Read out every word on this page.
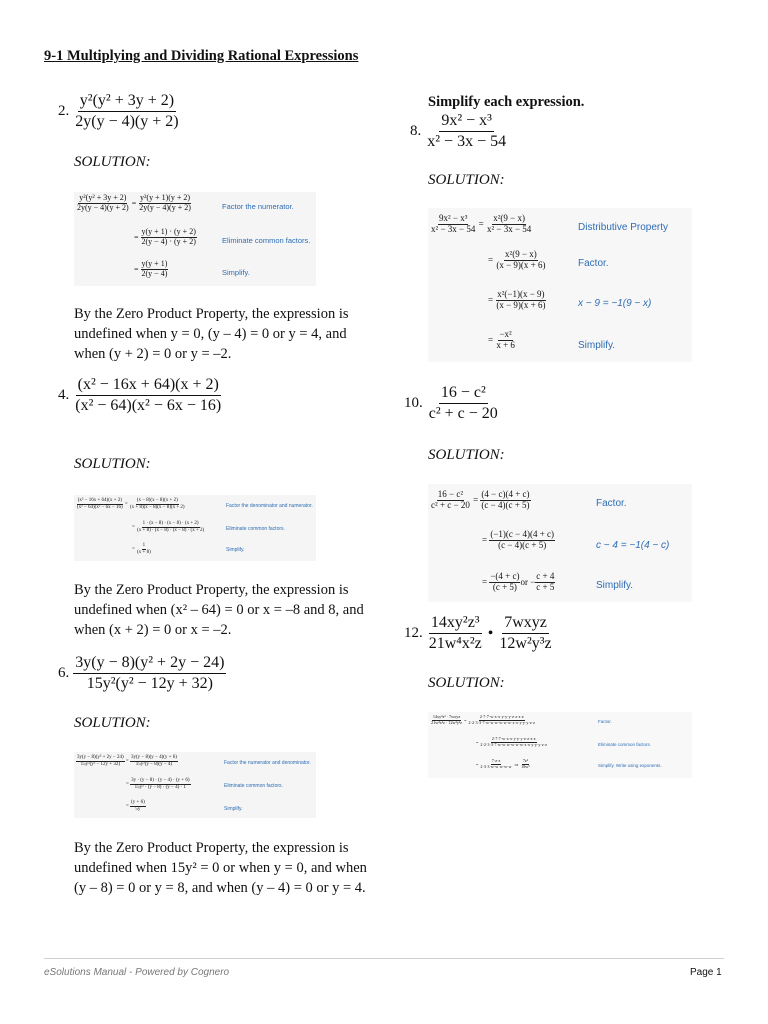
9-1 Multiplying and Dividing Rational Expressions
2. $\frac{\text{y²(y² + 3y + 2)}}{2y(y - 4)(y + 2)}$
SOLUTION:
$\frac{\text{y²(y² + 3y + 2)}}{2y(y - 4)(y + 2)} = \frac{\text{y²(y + 1)(y + 2)}}{2y(y - 4)(y + 2)}$
= $\frac{y(y + 1) \cdot (y + 2)}{2(y - 4) \cdot (y + 2)}$
= $\frac{y(y + 1)}{2(y - 4)}$
Factor the numerator.
Eliminate common factors.
Simplify.
By the Zero Product Property, the expression is undefined when y = 0, (y – 4) = 0 or y = 4, and when (y + 2) = 0 or y = –2.
4. $\frac{\text{(x² − 16x + 64)(x + 2)}}{\text{(x² − 64)(x² − 6x − 16)}}$
SOLUTION:
$\frac{\text{(x² − 16x + 64)(x + 2)}}{\text{(x² − 64)(x² − 6x − 16)}} = \frac{(x - 8)(x - 8)(x + 2)}{(x + 8)(x - 8)(x - 8)(x + 2)}$
= $\frac{1 \cdot (x - 8) \cdot (x - 8) \cdot (x + 2)}{(x + 8) \cdot (x - 8) \cdot (x - 8) \cdot (x + 2)}$
= $\frac{1}{(x + 8)}$
Factor the denominator and numerator.
Eliminate common factors.
Simplify.
By the Zero Product Property, the expression is undefined when (x² – 64) = 0 or x = –8 and 8, and when (x + 2) = 0 or x = –2.
6. $\frac{\text{3y(y − 8)(y² + 2y − 24)}}{\text{15y²(y² − 12y + 32)}}$
SOLUTION:
$\frac{\text{3y(y − 8)(y² + 2y − 24)}}{\text{15y²(y² − 12y + 32)}} = \frac{3y(y - 8)(y - 4)(y + 6)}{\text{15y²(y − 8)(y − 4)}}$
= $\frac{3y \cdot (y - 8) \cdot (y - 4) \cdot (y + 6)}{\text{15y² · (y − 8) · (y − 4) · 1}}$
= $\frac{(y + 6)}{5y}$
Factor the numerator and denominator.
Eliminate common factors.
Simplify.
By the Zero Product Property, the expression is undefined when 15y² = 0 or when y = 0, and when (y – 8) = 0 or y = 8, and when (y – 4) = 0 or y = 4.
Simplify each expression.
8. $\frac{\text{9x² − x³}}{\text{x² − 3x − 54}}$
SOLUTION:
$\frac{\text{9x² − x³}}{\text{x² − 3x − 54}} = \frac{\text{x²(9 − x)}}{\text{x² − 3x − 54}}$
= $\frac{\text{x²(9 − x)}}{(x - 9)(x + 6)}$
= $\frac{\text{x²(−1)(x − 9)}}{(x - 9)(x + 6)}$
= $\frac{\text{−x²}}{x + 6}$
Distributive Property
Factor.
x − 9 = −1(9 − x)
Simplify.
10. $\frac{\text{16 − c²}}{\text{c² + c − 20}}$
SOLUTION:
$\frac{\text{16 − c²}}{\text{c² + c − 20}} = \frac{(4 - c)(4 + c)}{(c - 4)(c + 5)}$
= $\frac{(-1)(c - 4)(4 + c)}{(c - 4)(c + 5)}$
= $\frac{-(4 + c)}{(c + 5)}$ or − $\frac{c + 4}{c + 5}$
Factor.
c − 4 = −1(4 − c)
Simplify.
12. $\frac{\text{14xy²z³}}{\text{21w⁴x²z}}$ • $\frac{\text{7wxyz}}{\text{12w²y³z}}$
SOLUTION:
14xy²z³ · 7wxyz
$21w^4x^2z \cdot 12w^2y^3z = \frac{2\cdot 7\cdot 7\cdot w\cdot x\cdot x\cdot y\cdot y\cdot y\cdot z\cdot z\cdot z\cdot z}{2\cdot 2\cdot 3\cdot 3\cdot 7\cdot w\cdot w\cdot w\cdot w\cdot w\cdot w\cdot x\cdot x\cdot y\cdot y\cdot y\cdot z\cdot z}$
= $\frac{2\cdot 7\cdot 7\cdot w\cdot x\cdot x\cdot y\cdot y\cdot y\cdot z\cdot z\cdot z\cdot z}{2\cdot 2\cdot 3\cdot 3\cdot 7\cdot w\cdot w\cdot w\cdot w\cdot w\cdot w\cdot x\cdot x\cdot y\cdot y\cdot y\cdot z\cdot z}$
= $\frac{7\cdot z\cdot z}{2\cdot 3\cdot 3\cdot w\cdot w\cdot w\cdot w\cdot w}$ or $\frac{\text{7z²}}{\text{18w⁵}}$
Factor.
Eliminate common factors.
Simplify. Write using exponents.
eSolutions Manual - Powered by Cognero	Page 1
